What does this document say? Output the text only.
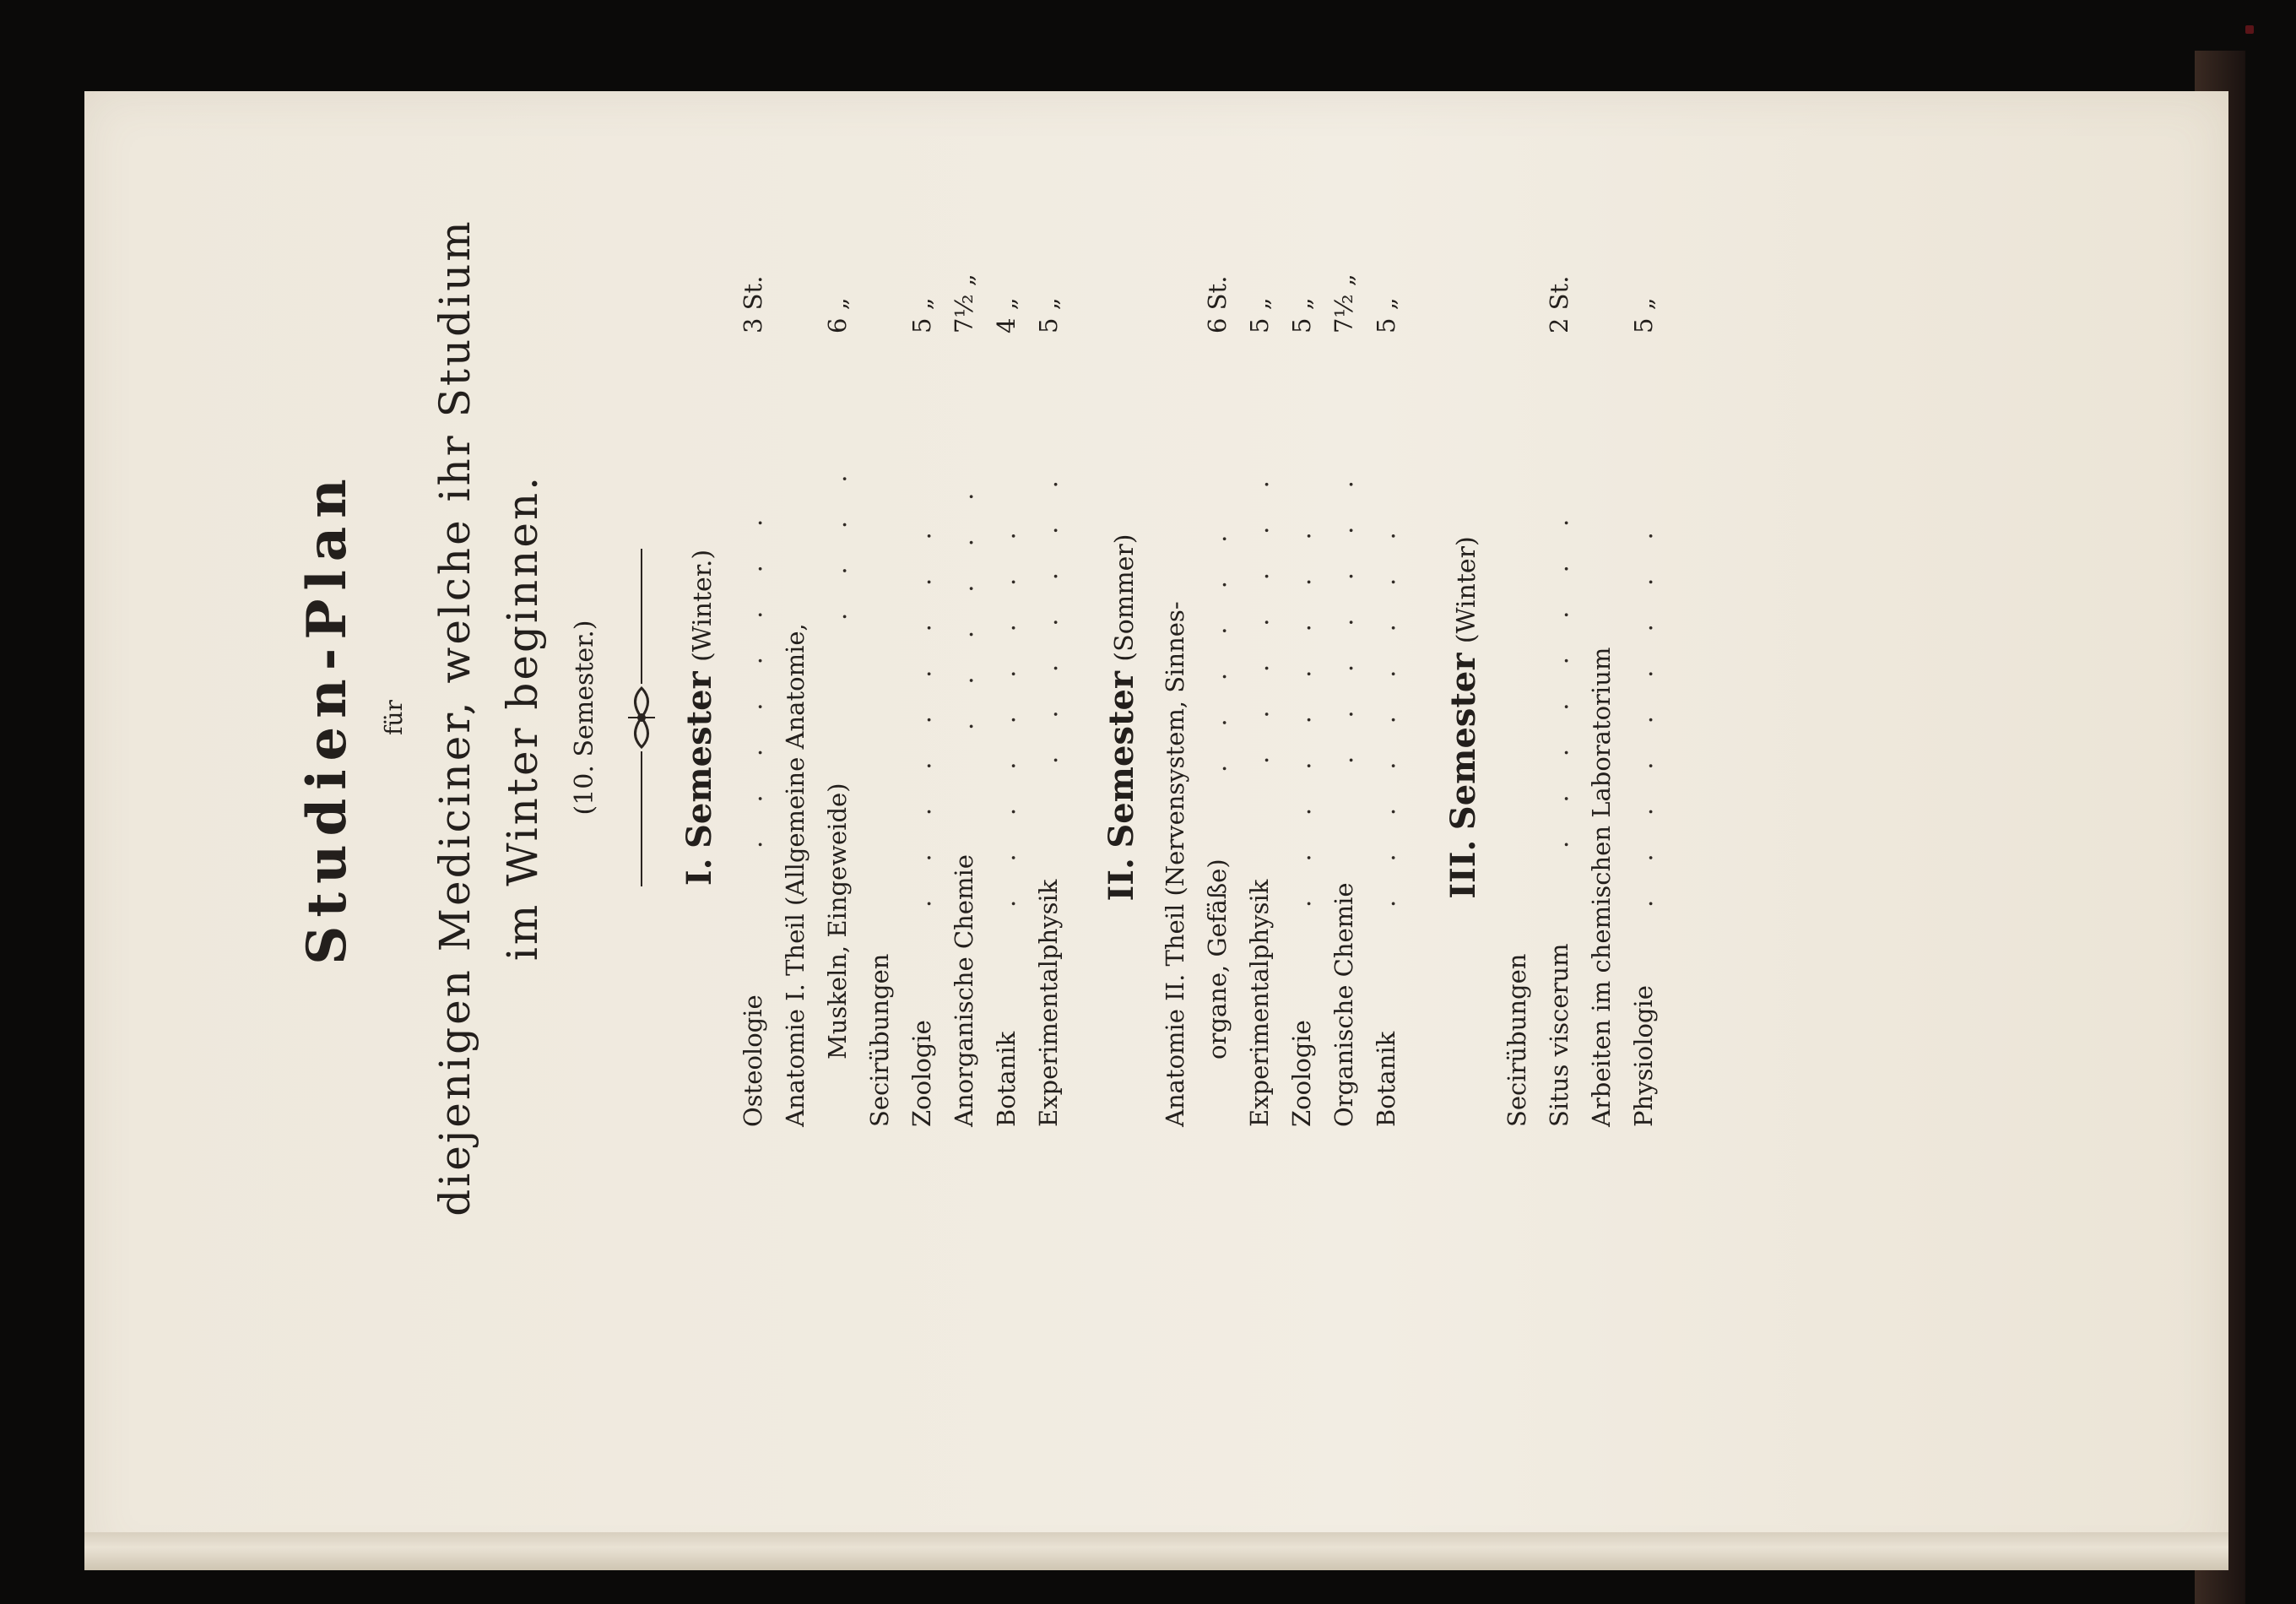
Studien-Plan für diejenigen Mediciner, welche ihr Studium im Winter beginnen. (10. Semester.)
I. Semester (Winter.)
Osteologie
. . . . . . . .
3 St.
Anatomie I. Theil (Allgemeine Anatomie, Muskeln, Eingeweide)
. . . .
6 „
Secirübungen Zoologie
. . . . . . . . .
5 „
Anorganische Chemie
. . . . . .
7½ „
Botanik
. . . . . . . . .
4 „
Experimentalphysik
. . . . . . .
5 „
II. Semester (Sommer)
Anatomie II. Theil (Nervensystem, Sinnes- organe, Gefäße)
. . . . . .
6 St.
Experimentalphysik
. . . . . . .
5 „
Zoologie
. . . . . . . . .
5 „
Organische Chemie
. . . . . . .
7½ „
Botanik
. . . . . . . . .
5 „
III. Semester (Winter)
Secirübungen Situs viscerum
. . . . . . . .
2 St.
Arbeiten im chemischen Laboratorium Physiologie
. . . . . . . . .
5 „
